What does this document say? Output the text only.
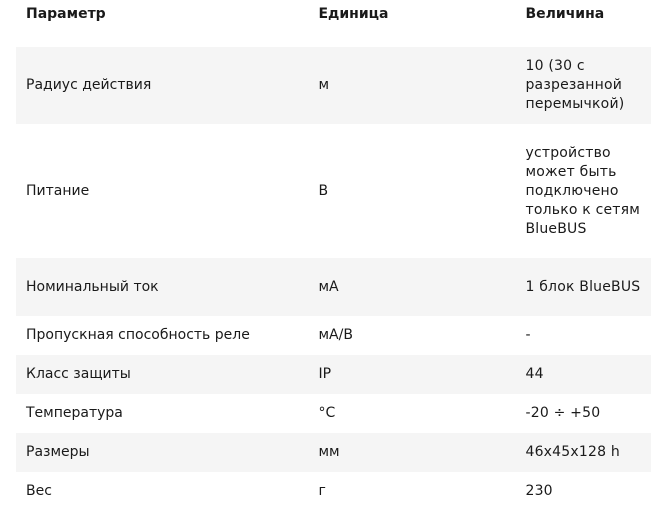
Параметр	Единица	Величина

Радиус действия	м	10 (30 с разрезанной перемычкой)
Питание	В	устройство может быть подключено только к сетям BlueBUS
Номинальный ток	мА	1 блок BlueBUS
Пропускная способность реле	мА/В	-
Класс защиты	IP	44
Температура	°С	-20 ÷ +50
Размеры	мм	46x45x128 h
Вес	г	230
